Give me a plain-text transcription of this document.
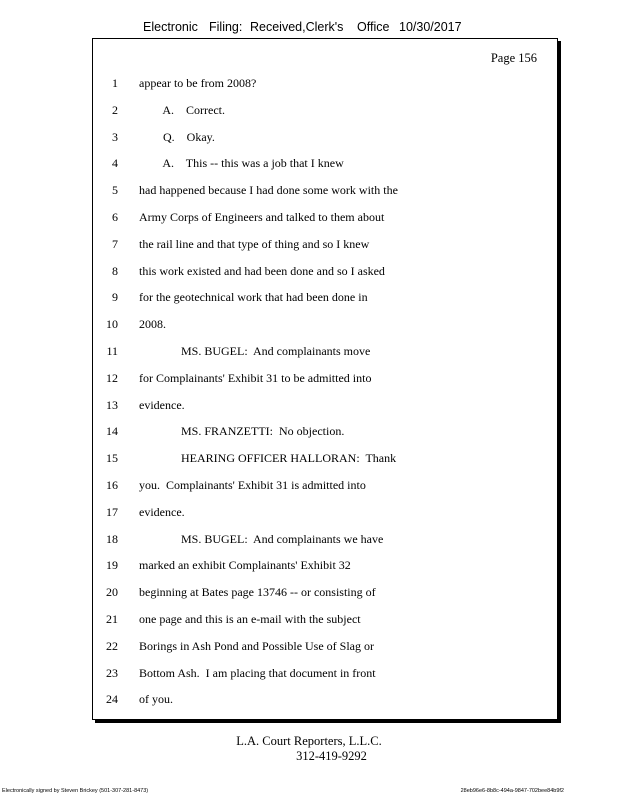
Electronic Filing: Received,Clerk's Office 10/30/2017
Page 156
1 appear to be from 2008?
2 A.    Correct.
3 Q.    Okay.
4 A.    This -- this was a job that I knew
5 had happened because I had done some work with the
6 Army Corps of Engineers and talked to them about
7 the rail line and that type of thing and so I knew
8 this work existed and had been done and so I asked
9 for the geotechnical work that had been done in
10 2008.
11 MS. BUGEL:  And complainants move
12 for Complainants' Exhibit 31 to be admitted into
13 evidence.
14 MS. FRANZETTI:  No objection.
15 HEARING OFFICER HALLORAN:  Thank
16 you.  Complainants' Exhibit 31 is admitted into
17 evidence.
18 MS. BUGEL:  And complainants we have
19 marked an exhibit Complainants' Exhibit 32
20 beginning at Bates page 13746 -- or consisting of
21 one page and this is an e-mail with the subject
22 Borings in Ash Pond and Possible Use of Slag or
23 Bottom Ash.  I am placing that document in front
24 of you.
L.A. Court Reporters, L.L.C.
312-419-9292
Electronically signed by Steven Brickey (501-307-281-8473)	28eb96e6-8b8c-494a-9847-702bee84b9f2
